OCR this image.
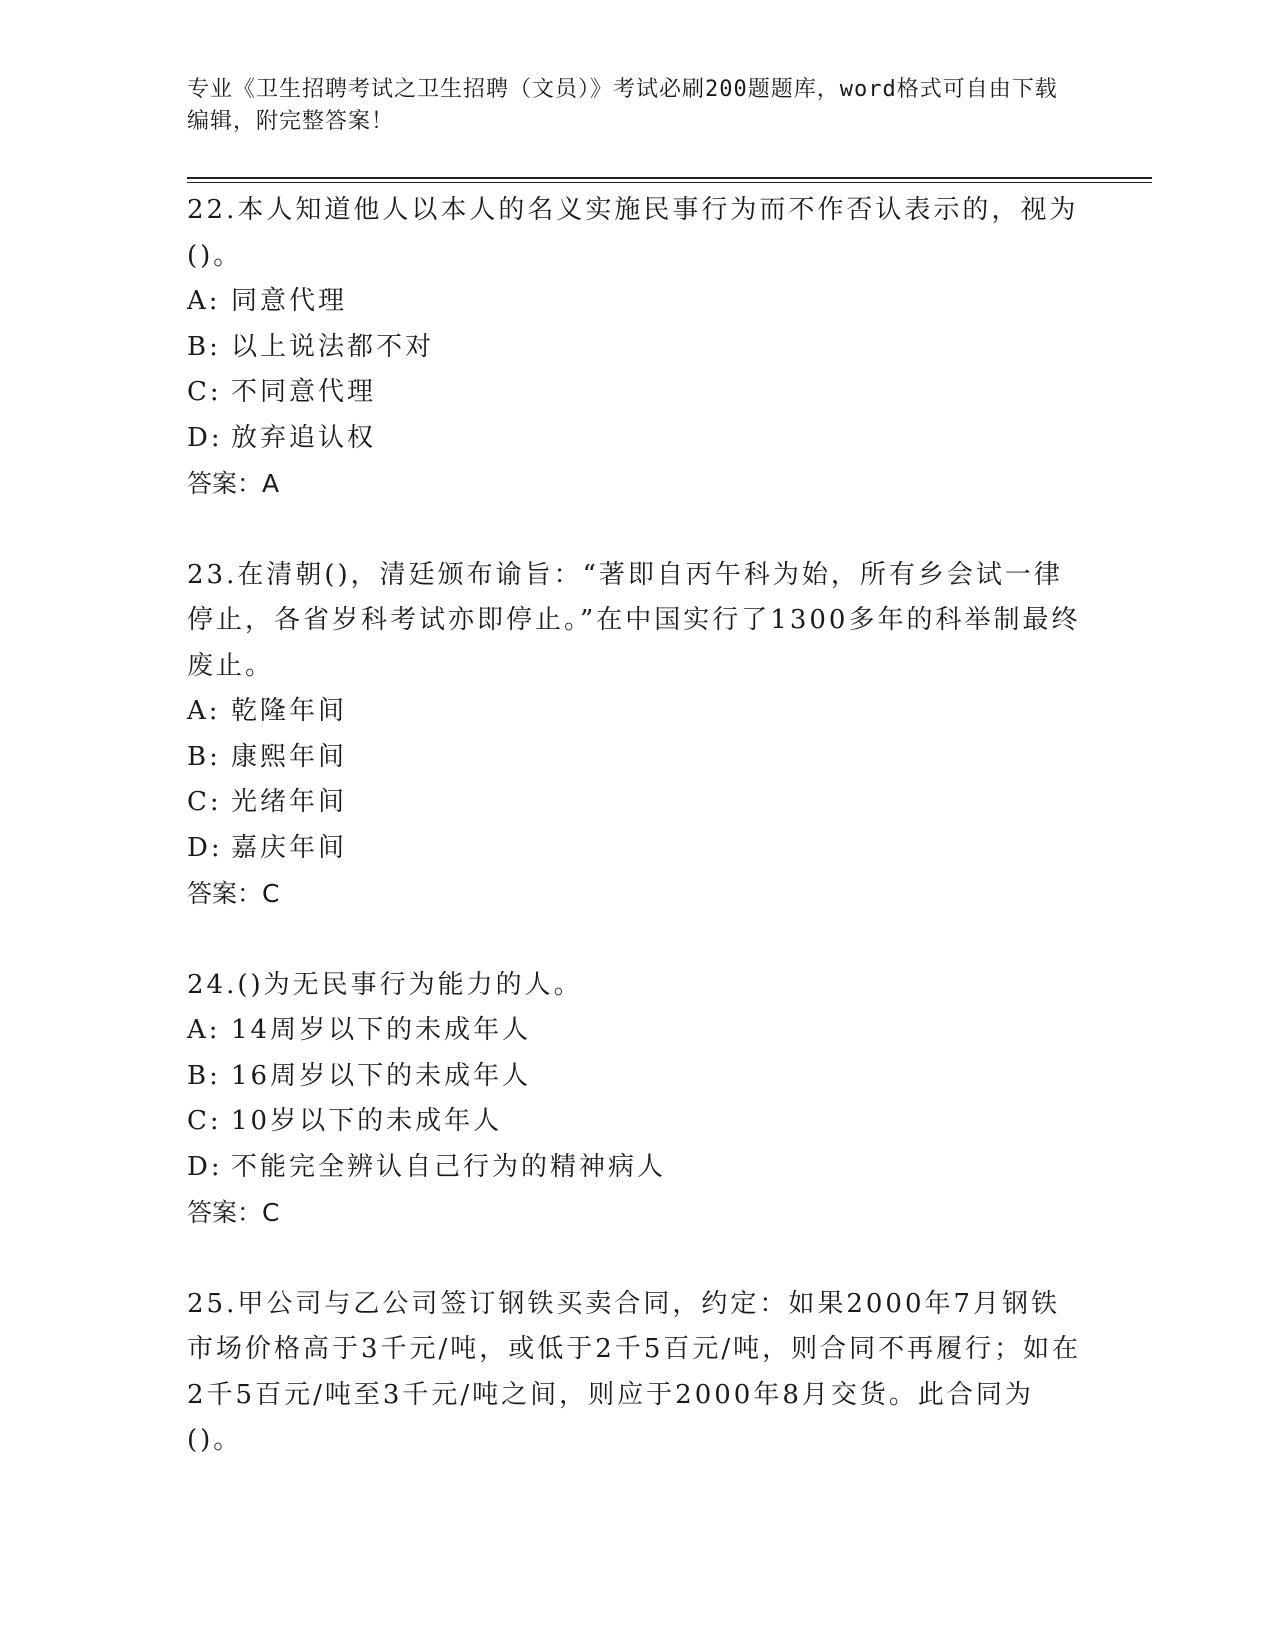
专业《卫生招聘考试之卫生招聘（文员）》考试必刷200题题库，word格式可自由下载编辑，附完整答案！

22.本人知道他人以本人的名义实施民事行为而不作否认表示的，视为()。

A: 同意代理

B: 以上说法都不对

C: 不同意代理

D: 放弃追认权

答案：A

23.在清朝()，清廷颁布谕旨：“著即自丙午科为始，所有乡会试一律停止，各省岁科考试亦即停止。”在中国实行了1300多年的科举制最终废止。

A: 乾隆年间

B: 康熙年间

C: 光绪年间

D: 嘉庆年间

答案：C

24.()为无民事行为能力的人。

A: 14周岁以下的未成年人

B: 16周岁以下的未成年人

C: 10岁以下的未成年人

D: 不能完全辨认自己行为的精神病人

答案：C

25.甲公司与乙公司签订钢铁买卖合同，约定：如果2000年7月钢铁市场价格高于3千元/吨，或低于2千5百元/吨，则合同不再履行；如在2千5百元/吨至3千元/吨之间，则应于2000年8月交货。此合同为()。
